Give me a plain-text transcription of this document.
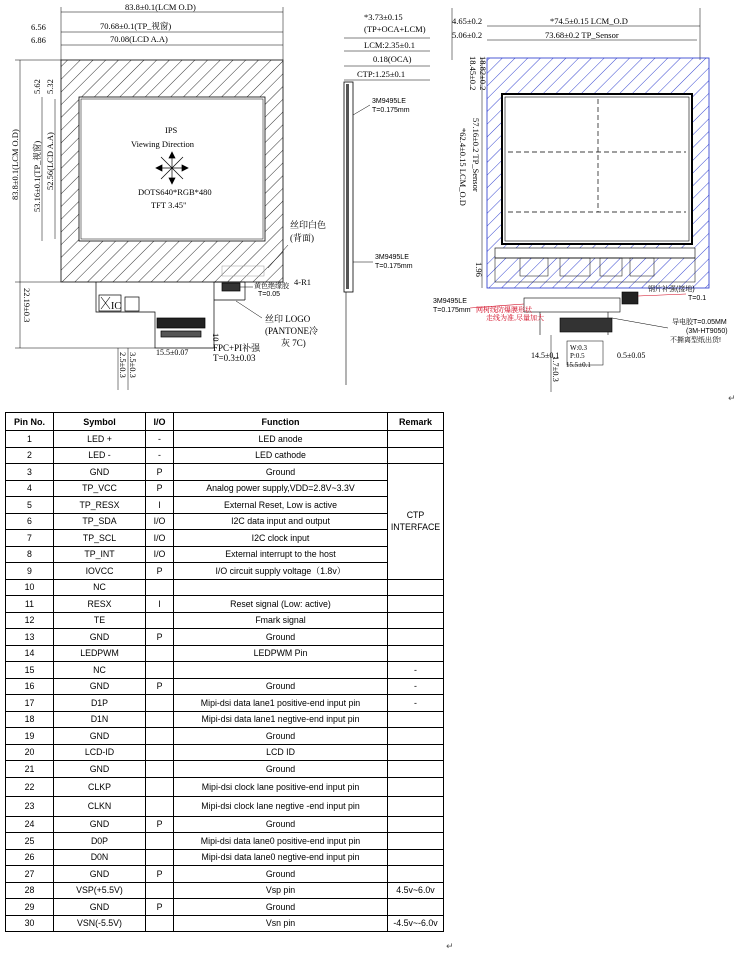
83.8±0.1(LCM O.D)
70.68±0.1(TP_视窗)
70.08(LCD A.A)
6.56
6.86
83.8±0.1(LCM O.D) 53.16±0.1(TP_视窗) 52.56(LCD A.A)
5.62 5.32
IPS
Viewing Direction
DOTS640*RGB*480
TFT 3.45"
丝印白色
(背面)
IC
黄色绝缘胶
T=0.05
4-R1
丝印 LOGO
(PANTONE冷
灰 7C)
FPC+PI补强
T=0.3±0.03
15.5±0.07
10
22.19±0.3
2.5±0.3 3.5±0.3
*3.73±0.15
(TP+OCA+LCM)
LCM:2.35±0.1
0.18(OCA)
CTP:1.25±0.1
3M9495LE
T=0.175mm
3M9495LE
T=0.175mm
4.65±0.2
5.06±0.2
*74.5±0.15 LCM_O.D
73.68±0.2 TP_Sensor
18.82±0.2
18.45±0.2
*62.4±0.15 LCM_O.D 57.16±0.2 TP_Sensor
1.96
3M9495LE
T=0.175mm 网树线防爆膜形状
走线为准,尽量加大
钢片补强(接地)
T=0.1
导电胶T=0.05MM
(3M-HT9050)
不撕离型纸出货!
14.5±0.1
W:0.3
P:0.5
15.5±0.1
0.5±0.05
1.7±0.3
↵
Pin No.	Symbol	I/O	Function	Remark
1	LED +	-	LED anode	
2	LED -	-	LED cathode	
3	GND	P	Ground	CTP INTERFACE
4	TP_VCC	P	Analog power supply,VDD=2.8V~3.3V	
5	TP_RESX	I	External Reset, Low is active	
6	TP_SDA	I/O	I2C data input and output	
7	TP_SCL	I/O	I2C clock input	
8	TP_INT	I/O	External interrupt to the host	
9	IOVCC	P	I/O circuit supply voltage（1.8v）	
10	NC			
11	RESX	I	Reset signal (Low: active)	
12	TE		Fmark signal	
13	GND	P	Ground	
14	LEDPWM		LEDPWM Pin	
15	NC			-
16	GND	P	Ground	-
17	D1P		Mipi-dsi data lane1 positive-end input pin	-
18	D1N		Mipi-dsi data lane1 negtive-end input pin	
19	GND		Ground	
20	LCD-ID		LCD ID	
21	GND		Ground	
22	CLKP		Mipi-dsi clock lane positive-end input pin	
23	CLKN		Mipi-dsi clock lane negtive -end input pin	
24	GND	P	Ground	
25	D0P		Mipi-dsi data lane0 positive-end input pin	
26	D0N		Mipi-dsi data lane0 negtive-end input pin	
27	GND	P	Ground	
28	VSP(+5.5V)		Vsp pin	4.5v~6.0v
29	GND	P	Ground	
30	VSN(-5.5V)		Vsn pin	-4.5v~-6.0v
↵
